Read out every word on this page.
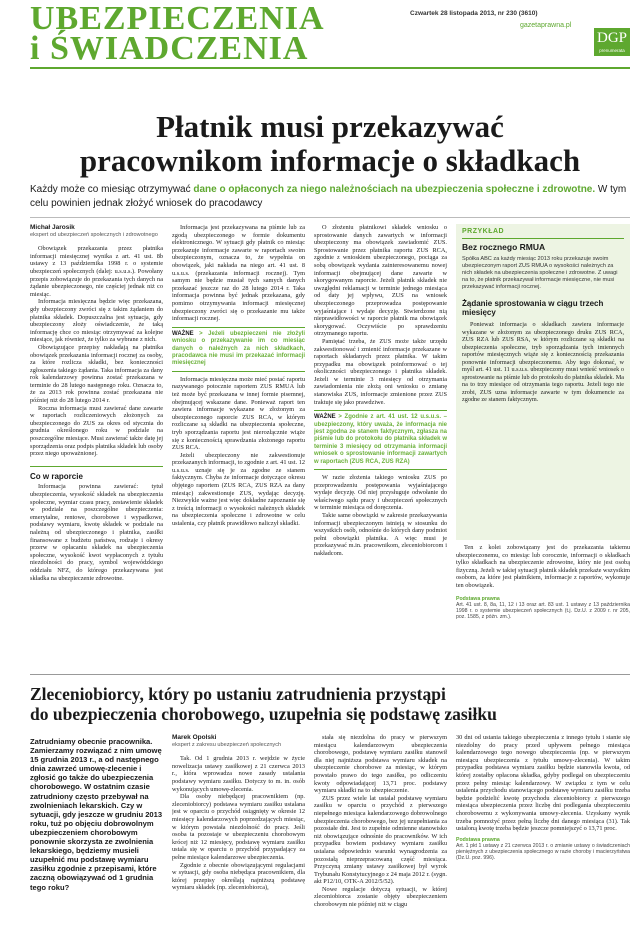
UBEZPIECZENIA
i ŚWIADCZENIA
Czwartek 28 listopada 2013, nr 230 (3610)
gazetaprawna.pl
DGP
prenumerata
Płatnik musi przekazywać
pracownikom informacje o składkach
Każdy może co miesiąc otrzymywać dane o opłaconych za niego należnościach na ubezpieczenia społeczne i zdrowotne. W tym celu powinien jednak złożyć wniosek do pracodawcy
Michał Jarosik
ekspert od ubezpieczeń społecznych i zdrowotnego

Obowiązek przekazania przez płatnika informacji miesięcznej wynika z art. 41 ust. 8b ustawy z 13 października 1998 r. o systemie ubezpieczeń społecznych (dalej: u.s.u.s.). Powołany przepis zobowiązuje do przekazania tych danych na żądanie ubezpieczonego, nie częściej jednak niż co miesiąc.

Informacja miesięczna będzie więc przekazana, gdy ubezpieczony zwróci się z takim żądaniem do płatnika składek. Dopuszczalna jest sytuacja, gdy ubezpieczony złoży oświadczenie, że taką informację chce co miesiąc otrzymywać za kolejne miesiące, jak również, że tylko za wybrane z nich.

Obowiązujące przepisy nakładają na płatnika obowiązek przekazania informacji rocznej za osoby, za które rozlicza składki, bez konieczności zgłoszenia takiego żądania. Taka informacja za dany rok kalendarzowy powinna zostać przekazana w terminie do 28 lutego następnego roku. Oznacza to, że za 2013 rok powinna zostać przekazana nie później niż do 28 lutego 2014 r.

Roczna informacja musi zawierać dane zawarte w raportach rozliczeniowych złożonych za ubezpieczonego do ZUS za okres od stycznia do grudnia określonego roku w podziale na poszczególne miesiące. Musi zawierać także datę jej sporządzenia oraz podpis płatnika składek lub osoby przez niego upoważnionej.

Co w raporcie

Informacja powinna zawierać: tytuł ubezpieczenia, wysokość składek na ubezpieczenia społeczne, wymiar czasu pracy, zestawienie składek w podziale na poszczególne ubezpieczenia: emerytalne, rentowe, chorobowe i wypadkowe, podstawy wymiaru, kwotę składek w podziale na należną od ubezpieczonego i płatnika, zasiłki finansowane z budżetu państwa, rodzaje i okresy przerw w opłacaniu składek na ubezpieczenia społeczne, wysokość kwot wypłaconych z tytułu niezdolności do pracy, symbol wojewódzkiego oddziału NFZ, do którego przekazywana jest składka na ubezpieczenie zdrowotne.

Informacja jest przekazywana na piśmie lub za zgodą ubezpieczonego w formie dokumentu elektronicznego. W sytuacji gdy płatnik co miesiąc przekazuje informacje zawarte w raportach swoim ubezpieczonym, oznacza to, że wypełnia on obowiązek, jaki nakłada na niego art. 41 ust. 8 u.s.u.s. (przekazania informacji rocznej). Tym samym nie będzie musiał tych samych danych przekazać jeszcze raz do 28 lutego 2014 r. Taka informacja powinna być jednak przekazana, gdy pomimo otrzymywania informacji miesięcznej ubezpieczony zwróci się o przekazanie mu także informacji rocznej.

WAŻNE > Jeżeli ubezpieczeni nie złożyli wniosku o przekazywanie im co miesiąc danych o należnych za nich składkach, pracodawca nie musi im przekazać informacji miesięcznej

Informacja miesięczna może mieć postać raportu nazywanego potocznie raportem ZUS RMUA lub też może być przekazana w innej formie pisemnej, obejmującej wskazane dane. Ponieważ raport ten zawiera informacje wykazane w złożonym za ubezpieczonego raporcie ZUS RCA, w którym rozliczane są składki na ubezpieczenia społeczne, tryb sporządzania raportu jest nierozłącznie wiąże się z koniecznością sprawdzania złożonego raportu ZUS RCA.

Jeżeli ubezpieczony nie zakwestionuje przekazanych informacji, to zgodnie z art. 41 ust. 12 u.s.u.s. uznaje się je za zgodne ze stanem faktycznym. Chyba że informacje dotyczące okresu objętego raportem (ZUS RCA, ZUS RZA za dany miesiąc) zakwestionuje ZUS, wydając decyzję. Niezwykle ważne jest więc dokładne zapoznanie się z treścią informacji o wysokości należnych składek na ubezpieczenia społeczne i zdrowotne w celu ustalenia, czy płatnik prawidłowo naliczył składki.

O złożeniu płatnikowi składek wniosku o sprostowanie danych zawartych w informacji ubezpieczony ma obowiązek zawiadomić ZUS. Sprostowanie przez płatnika raportu ZUS RCA, zgodnie z wnioskiem ubezpieczonego, pociąga za sobą obowiązek wydania zainteresowanemu nowej informacji obejmującej dane zawarte w skorygowanym raporcie. Jeżeli płatnik składek nie uwzględni reklamacji w terminie jednego miesiąca od daty jej wpływu, ZUS na wniosek ubezpieczonego przeprowadza postępowanie wyjaśniające i wydaje decyzję. Stwierdzone nią nieprawidłowości w raporcie płatnik ma obowiązek skorygować. Oczywiście po sprawdzeniu otrzymanego raportu.

Pamiętać trzeba, że ZUS może także urzędu zakwestionować i zmienić informacje przekazane w raportach składanych przez płatnika. W takim przypadku ma obowiązek poinformować o tej okoliczności ubezpieczonego i płatnika składek. Jeżeli w terminie 3 miesięcy od otrzymania zawiadomienia nie złożą oni wniosku o zmianę stanowiska ZUS, informacje zmienione przez ZUS traktuje się jako prawdziwe.

WAŻNE > Zgodnie z art. 41 ust. 12 u.s.u.s. – ubezpieczony, który uważa, że informacja nie jest zgodna ze stanem faktycznym, zgłasza na piśmie lub do protokołu do płatnika składek w terminie 3 miesięcy od otrzymania informacji wniosek o sprostowanie informacji zawartych w raportach (ZUS RCA, ZUS RZA)

W razie złożenia takiego wniosku ZUS po przeprowadzeniu postępowania wyjaśniającego wydaje decyzję. Od niej przysługuje odwołanie do właściwego sądu pracy i ubezpieczeń społecznych w terminie miesiąca od doręczenia.

Takie same obowiązki w zakresie przekazywania informacji ubezpieczonym istnieją w stosunku do wszystkich osób, odnośnie do których dany podmiot pełni obowiązki płatnika. A więc musi je przekazywać m.in. pracownikom, zleceniobiorcom i nakładcom.

PRZYKŁAD
Bez rocznego RMUA
Spółka ABC za każdy miesiąc 2013 roku przekazuje swoim ubezpieczonym raport ZUS RMUA o wysokości należnych za nich składek na ubezpieczenia społeczne i zdrowotne. Z uwagi na to, że płatnik przekazywał informacje miesięczne, nie musi przekazywać informacji rocznej.
Żądanie sprostowania w ciągu trzech miesięcy

Ponieważ informacja o składkach zawiera informacje wykazane w złożonym za ubezpieczonego druku ZUS RCA, ZUS RZA lub ZUS RSA, w którym rozliczane są składki na ubezpieczenia społeczne, tryb sporządzania tych imiennych raportów miesięcznych wiąże się z koniecznością przekazania ponownie informacji ubezpieczonemu. Aby tego dokonać, w myśl art. 41 ust. 11 u.s.u.s. ubezpieczony musi wnieść wniosek o sprostowanie na piśmie lub do protokołu do płatnika składek. Ma na to trzy miesiące od otrzymania tego raportu. Jeżeli tego nie zrobi, ZUS uzna informacje zawarte w tym dokumencie za zgodne ze stanem faktycznym.

Ten z kolei zobowiązany jest do przekazania takiemu ubezpieczonemu, co miesiąc lub corocznie, informacji o składkach tylko składkach na ubezpieczenie zdrowotne, który nie jest osobą fizyczną. Jeżeli w takiej sytuacji płatnik składek przekaże wszystkim osobom, za które jest płatnikiem, informacje z raportów, wykonuje ten obowiązek.

Podstawa prawna
Art. 41 ust. 8, 8a, 11, 12 i 13 oraz art. 83 ust. 1 ustawy z 13 października 1998 r. o systemie ubezpieczeń społecznych (t.j. Dz.U. z 2009 r. nr 205, poz. 1585, z późn. zm.).
Zleceniobiorcy, który po ustaniu zatrudnienia przystąpi
do ubezpieczenia chorobowego, uzupełnia się podstawę zasiłku
Zatrudniamy obecnie pracownika. Zamierzamy rozwiązać z nim umowę 15 grudnia 2013 r., a od następnego dnia zawrzeć umowę-zlecenie i zgłosić go także do ubezpieczenia chorobowego. W ostatnim czasie zatrudniony często przebywał na zwolnieniach lekarskich. Czy w sytuacji, gdy jeszcze w grudniu 2013 roku, tuż po objęciu dobrowolnym ubezpieczeniem chorobowym ponownie skorzysta ze zwolnienia lekarskiego, będziemy musieli uzupełnić mu podstawę wymiaru zasiłku zgodnie z przepisami, które zaczną obowiązywać od 1 grudnia tego roku?
Marek Opolski
ekspert z zakresu ubezpieczeń społecznych

Tak. Od 1 grudnia 2013 r. wejdzie w życie nowelizacja ustawy zasiłkowej z 21 czerwca 2013 r., która wprowadza nowe zasady ustalania podstawy wymiaru zasiłku. Dotyczy to m. in. osób wykonujących umowę-zlecenia.

Dla osoby niebędącej pracownikiem (np. zleceniobiorcy) podstawa wymiaru zasiłku ustalana jest w oparciu o przychód osiągnięty w okresie 12 miesięcy kalendarzowych poprzedzających miesiąc, w którym powstała niezdolność do pracy. Jeśli osoba ta pozostaje w ubezpieczeniu chorobowym krócej niż 12 miesięcy, podstawę wymiaru zasiłku ustala się w oparciu o przychód przypadający za pełne miesiące kalendarzowe ubezpieczenia.

Zgodnie z obecnie obowiązującymi regulacjami w sytuacji, gdy osoba niebędąca pracownikiem, dla której przepisy określają najniższą podstawę wymiaru składek (np. zleceniobiorca),

stała się niezdolna do pracy w pierwszym miesiącu kalendarzowym ubezpieczenia chorobowego, podstawę wymiaru zasiłku stanowił dla niej najniższa podstawa wymiaru składek na ubezpieczenie chorobowe za miesiąc, w którym powstało prawo do tego zasiłku, po odliczeniu kwoty odpowiadającej 13,71 proc. podstawy wymiaru składki na to ubezpieczenie.

ZUS przez wiele lat ustalał podstawę wymiaru zasiłku w oparciu o przychód z pierwszego niepełnego miesiąca kalendarzowego dobrowolnego ubezpieczenia chorobowego, bez jej uzupełniania za pozostałe dni. Jest to zupełnie odmienne stanowisko niż obowiązujące odnośnie do pracowników. W ich przypadku bowiem podstawy wymiaru zasiłku ustalana odpowiednio warunki wynagrodzenia za pozostałą nieprzepracowaną część miesiąca. Przyczyną zmiany ustawy zasiłkowej był wyrok Trybunału Konstytucyjnego z 24 maja 2012 r. (sygn. akt P12/10, OTK-A 2012/5/52).

Nowe regulacje dotyczą sytuacji, w której zleceniobiorca zostanie objęty ubezpieczeniem chorobowym nie później niż w ciągu

30 dni od ustania takiego ubezpieczenia z innego tytułu i stanie się niezdolny do pracy przed upływem pełnego miesiąca kalendarzowego tego nowego ubezpieczenia (np. w pierwszym miesiącu ubezpieczenia z tytułu umowy-zlecenia). W takim przypadku podstawa wymiaru zasiłku będzie stanowiła kwota, od której zostałby opłacona składka, gdyby podlegał on ubezpieczeniu przez pełny miesiąc kalendarzowy. W związku z tym w celu ustalenia przychodu stanowiącego podstawę wymiaru zasiłku trzeba będzie podzielić kwotę przychodu zleceniobiorcy z pierwszego miesiąca ubezpieczenia przez liczbę dni podlegania ubezpieczeniu chorobowemu z wykonywania umowy-zlecenia. Uzyskany wynik trzeba pomnożyć przez pełną liczbę dni danego miesiąca (31). Tak ustaloną kwotę trzeba będzie jeszcze pomniejszyć o 13,71 proc.

Podstawa prawna
Art. 1 pkt 1 ustawy z 21 czerwca 2013 r. o zmianie ustawy o świadczeniach pieniężnych z ubezpieczenia społecznego w razie choroby i macierzyństwa (Dz.U. poz. 996).
